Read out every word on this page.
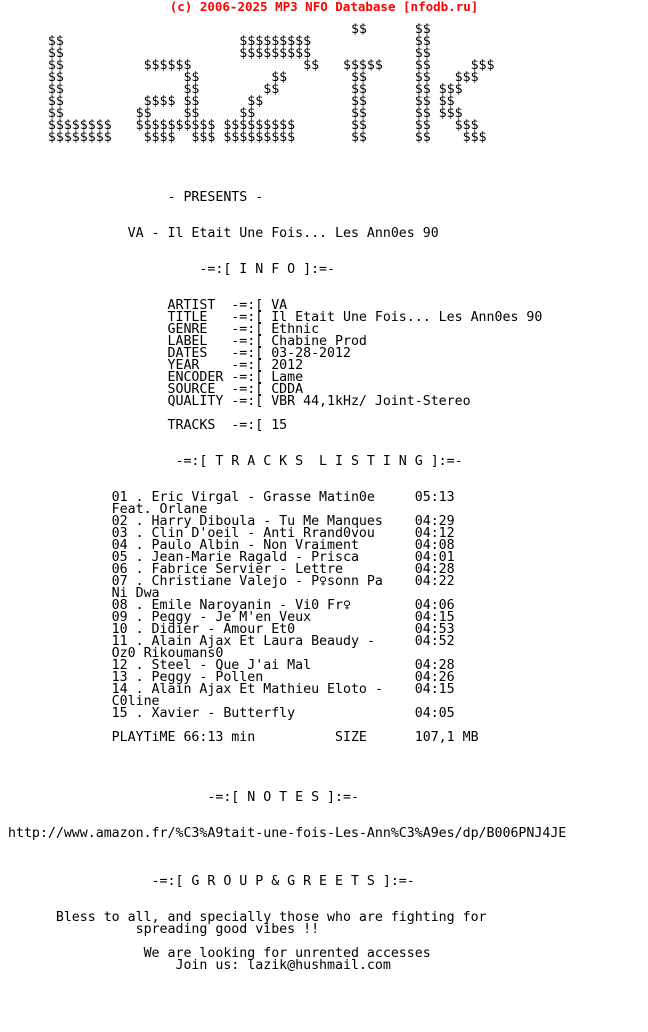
(c) 2006-2025 MP3 NFO Database [nfodb.ru]
$$      $$
$$                      $$$$$$$$$             $$
$$                      $$$$$$$$$             $$
$$          $$$$$$              $$   $$$$$    $$     $$$
$$               $$         $$        $$      $$   $$$
$$               $$        $$         $$      $$ $$$
$$          $$$$ $$      $$           $$      $$ $$
$$         $$    $$     $$            $$      $$ $$$
$$$$$$$$   $$$$$$$$$$ $$$$$$$$$       $$      $$   $$$
$$$$$$$$    $$$$  $$$ $$$$$$$$$       $$      $$    $$$
- PRESENTS -
VA - Il Etait Une Fois... Les Ann0es 90
-=:[ I N F O ]:=-
ARTIST  -=:[ VA
TITLE   -=:[ Il Etait Une Fois... Les Ann0es 90
GENRE   -=:[ Ethnic
LABEL   -=:[ Chabine Prod
DATES   -=:[ 03-28-2012
YEAR    -=:[ 2012
ENCODER -=:[ Lame
SOURCE  -=:[ CDDA
QUALITY -=:[ VBR 44,1kHz/ Joint-Stereo
TRACKS  -=:[ 15
-=:[ T R A C K S  L I S T I N G ]:=-
01 . Eric Virgal - Grasse Matin0e     05:13
Feat. Orlane
02 . Harry Diboula - Tu Me Manques    04:29
03 . Clin D'oeil - Anti Rrand0vou     04:12
04 . Paulo Albin - Non Vraiment       04:08
05 . Jean-Marie Ragald - Prisca       04:01
06 . Fabrice Servier - Lettre         04:28
07 . Christiane Valejo - P♀sonn Pa    04:22
Ni Dwa
08 . Emile Naroyanin - Vi0 Fr♀        04:06
09 . Peggy - Je M'en Veux             04:15
10 . Didier - Amour Et0               04:53
11 . Alain Ajax Et Laura Beaudy -     04:52
Oz0 Rikoumans0
12 . Steel - Que J'ai Mal             04:28
13 . Peggy - Pollen                   04:26
14 . Alain Ajax Et Mathieu Eloto -    04:15
C0line
15 . Xavier - Butterfly               04:05
PLAYTiME 66:13 min          SIZE      107,1 MB
-=:[ N O T E S ]:=-
http://www.amazon.fr/%C3%A9tait-une-fois-Les-Ann%C3%A9es/dp/B006PNJ4JE
-=:[ G R O U P & G R E E T S ]:=-
Bless to all, and specially those who are fighting for
spreading good vibes !!
We are looking for unrented accesses
Join us: lazik@hushmail.com
